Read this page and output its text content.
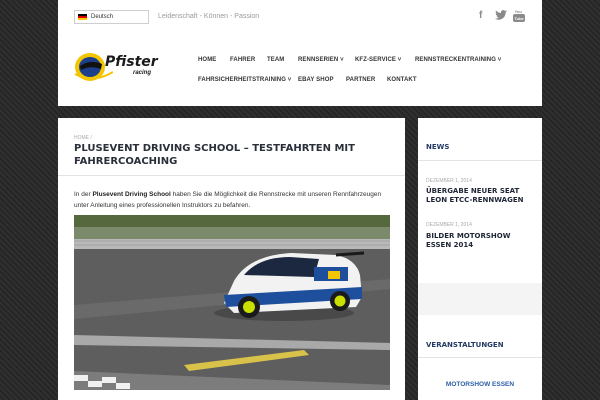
Deutsch	Leidenschaft - Können - Passion	f	You
Tube
Pfister
racing
HOME FAHRER TEAM RENNSERIEN ˅ KFZ-SERVICE ˅ RENNSTRECKENTRAINING ˅
FAHRSICHERHEITSTRAINING ˅ EBAY SHOP PARTNER KONTAKT
HOME /
PLUSEVENT DRIVING SCHOOL – TESTFAHRTEN MIT FAHRERCOACHING

In der Plusevent Driving School haben Sie die Möglichkeit die Rennstrecke mit unseren Rennfahrzeugen unter Anleitung eines professionellen Instruktors zu befahren.

NEWS
DEZEMBER 1, 2014
ÜBERGABE NEUER SEAT LEON ETCC-RENNWAGEN
DEZEMBER 1, 2014
BILDER MOTORSHOW ESSEN 2014
VERANSTALTUNGEN
MOTORSHOW ESSEN
